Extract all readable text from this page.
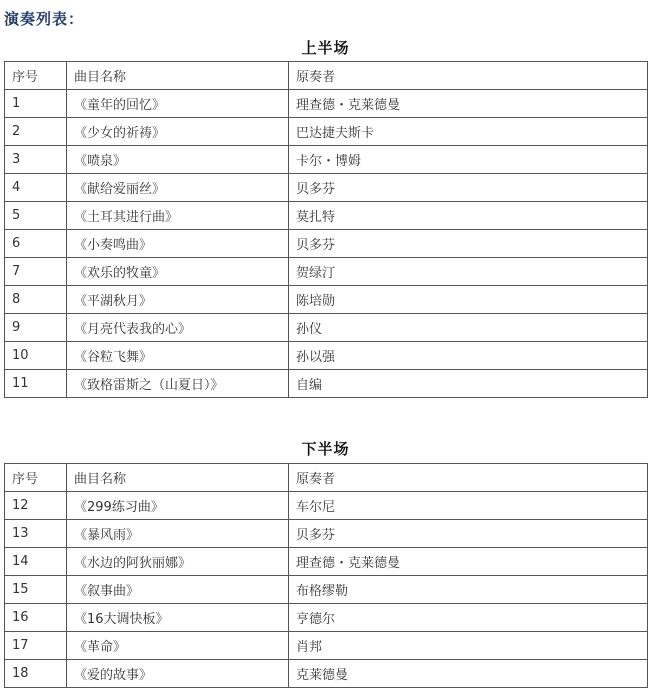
演奏列表：
上半场
序号	曲目名称	原奏者
1	《童年的回忆》	理查德・克莱德曼
2	《少女的祈祷》	巴达捷夫斯卡
3	《喷泉》	卡尔・博姆
4	《献给爱丽丝》	贝多芬
5	《土耳其进行曲》	莫扎特
6	《小奏鸣曲》	贝多芬
7	《欢乐的牧童》	贺绿汀
8	《平湖秋月》	陈培勋
9	《月亮代表我的心》	孙仪
10	《谷粒飞舞》	孙以强
11	《致格雷斯之（山夏日）》	自编
下半场
序号	曲目名称	原奏者
12	《299练习曲》	车尔尼
13	《暴风雨》	贝多芬
14	《水边的阿狄丽娜》	理查德・克莱德曼
15	《叙事曲》	布格缪勒
16	《16大调快板》	亨德尔
17	《革命》	肖邦
18	《爱的故事》	克莱德曼
